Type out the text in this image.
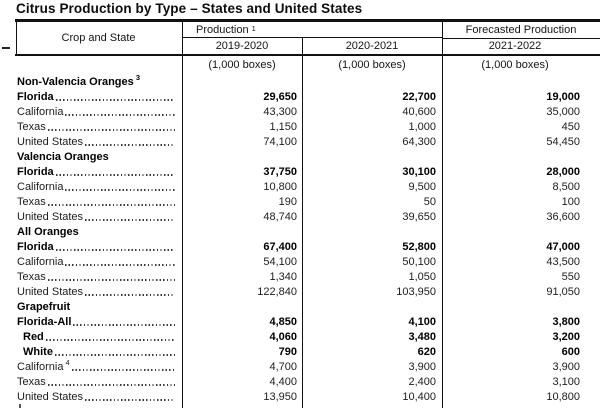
Citrus Production by Type – States and United States
Crop and State
Production
$^1$	Forecasted Production
2019-2020	2020-2021	2021-2022
(1,000 boxes)	(1,000 boxes)	(1,000 boxes)
Non-Valencia Oranges $^3$
Florida	29,650	22,700	19,000
California	43,300	40,600	35,000
Texas	1,150	1,000	450
United States	74,100	64,300	54,450
Valencia Oranges
Florida	37,750	30,100	28,000
California	10,800	9,500	8,500
Texas	190	50	100
United States	48,740	39,650	36,600
All Oranges
Florida	67,400	52,800	47,000
California	54,100	50,100	43,500
Texas	1,340	1,050	550
United States	122,840	103,950	91,050
Grapefruit
Florida-All	4,850	4,100	3,800
Red	4,060	3,480	3,200
White	790	620	600
California $^4$	4,700	3,900	3,900
Texas	4,400	2,400	3,100
United States	13,950	10,400	10,800
